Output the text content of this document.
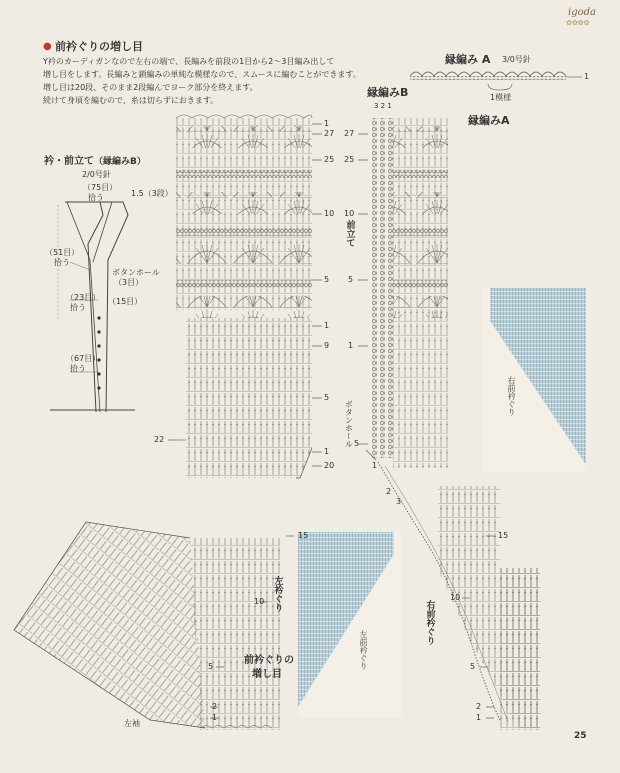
igoda
✿✿✿✿
● 前衿ぐりの増し目
Y衿のカーディガンなので左右の端で、長編みを前段の1目から2～3目編み出して
増し目をします。長編みと鎖編みの単純な模様なので、スムースに編むことができます。
増し目は20段、そのまま2段編んでヨーク部分を終えます。
続けて身頃を編むので、糸は切らずにおきます。
縁編み A 3/0号針
1
1模様
縁編みB
3 2 1
縁編みA
衿・前立て （縁編みB）
2/0号針
（75目）
拾う	1.5（3段）
（51目）
拾う
ボタンホール
（3目）
（23目）
拾う
（15目）
（67目）
拾う
1
27
25
10
5
1
9
5
1
20
22
前立て
ボタンホール
27
25
10
5
1
5
1
2
3
右前衿ぐり
左前衿ぐり
15
10
5
2
1
左衿ぐり
前衿ぐりの
増し目
左袖
15
10
5
2
1
右前衿ぐり
25
